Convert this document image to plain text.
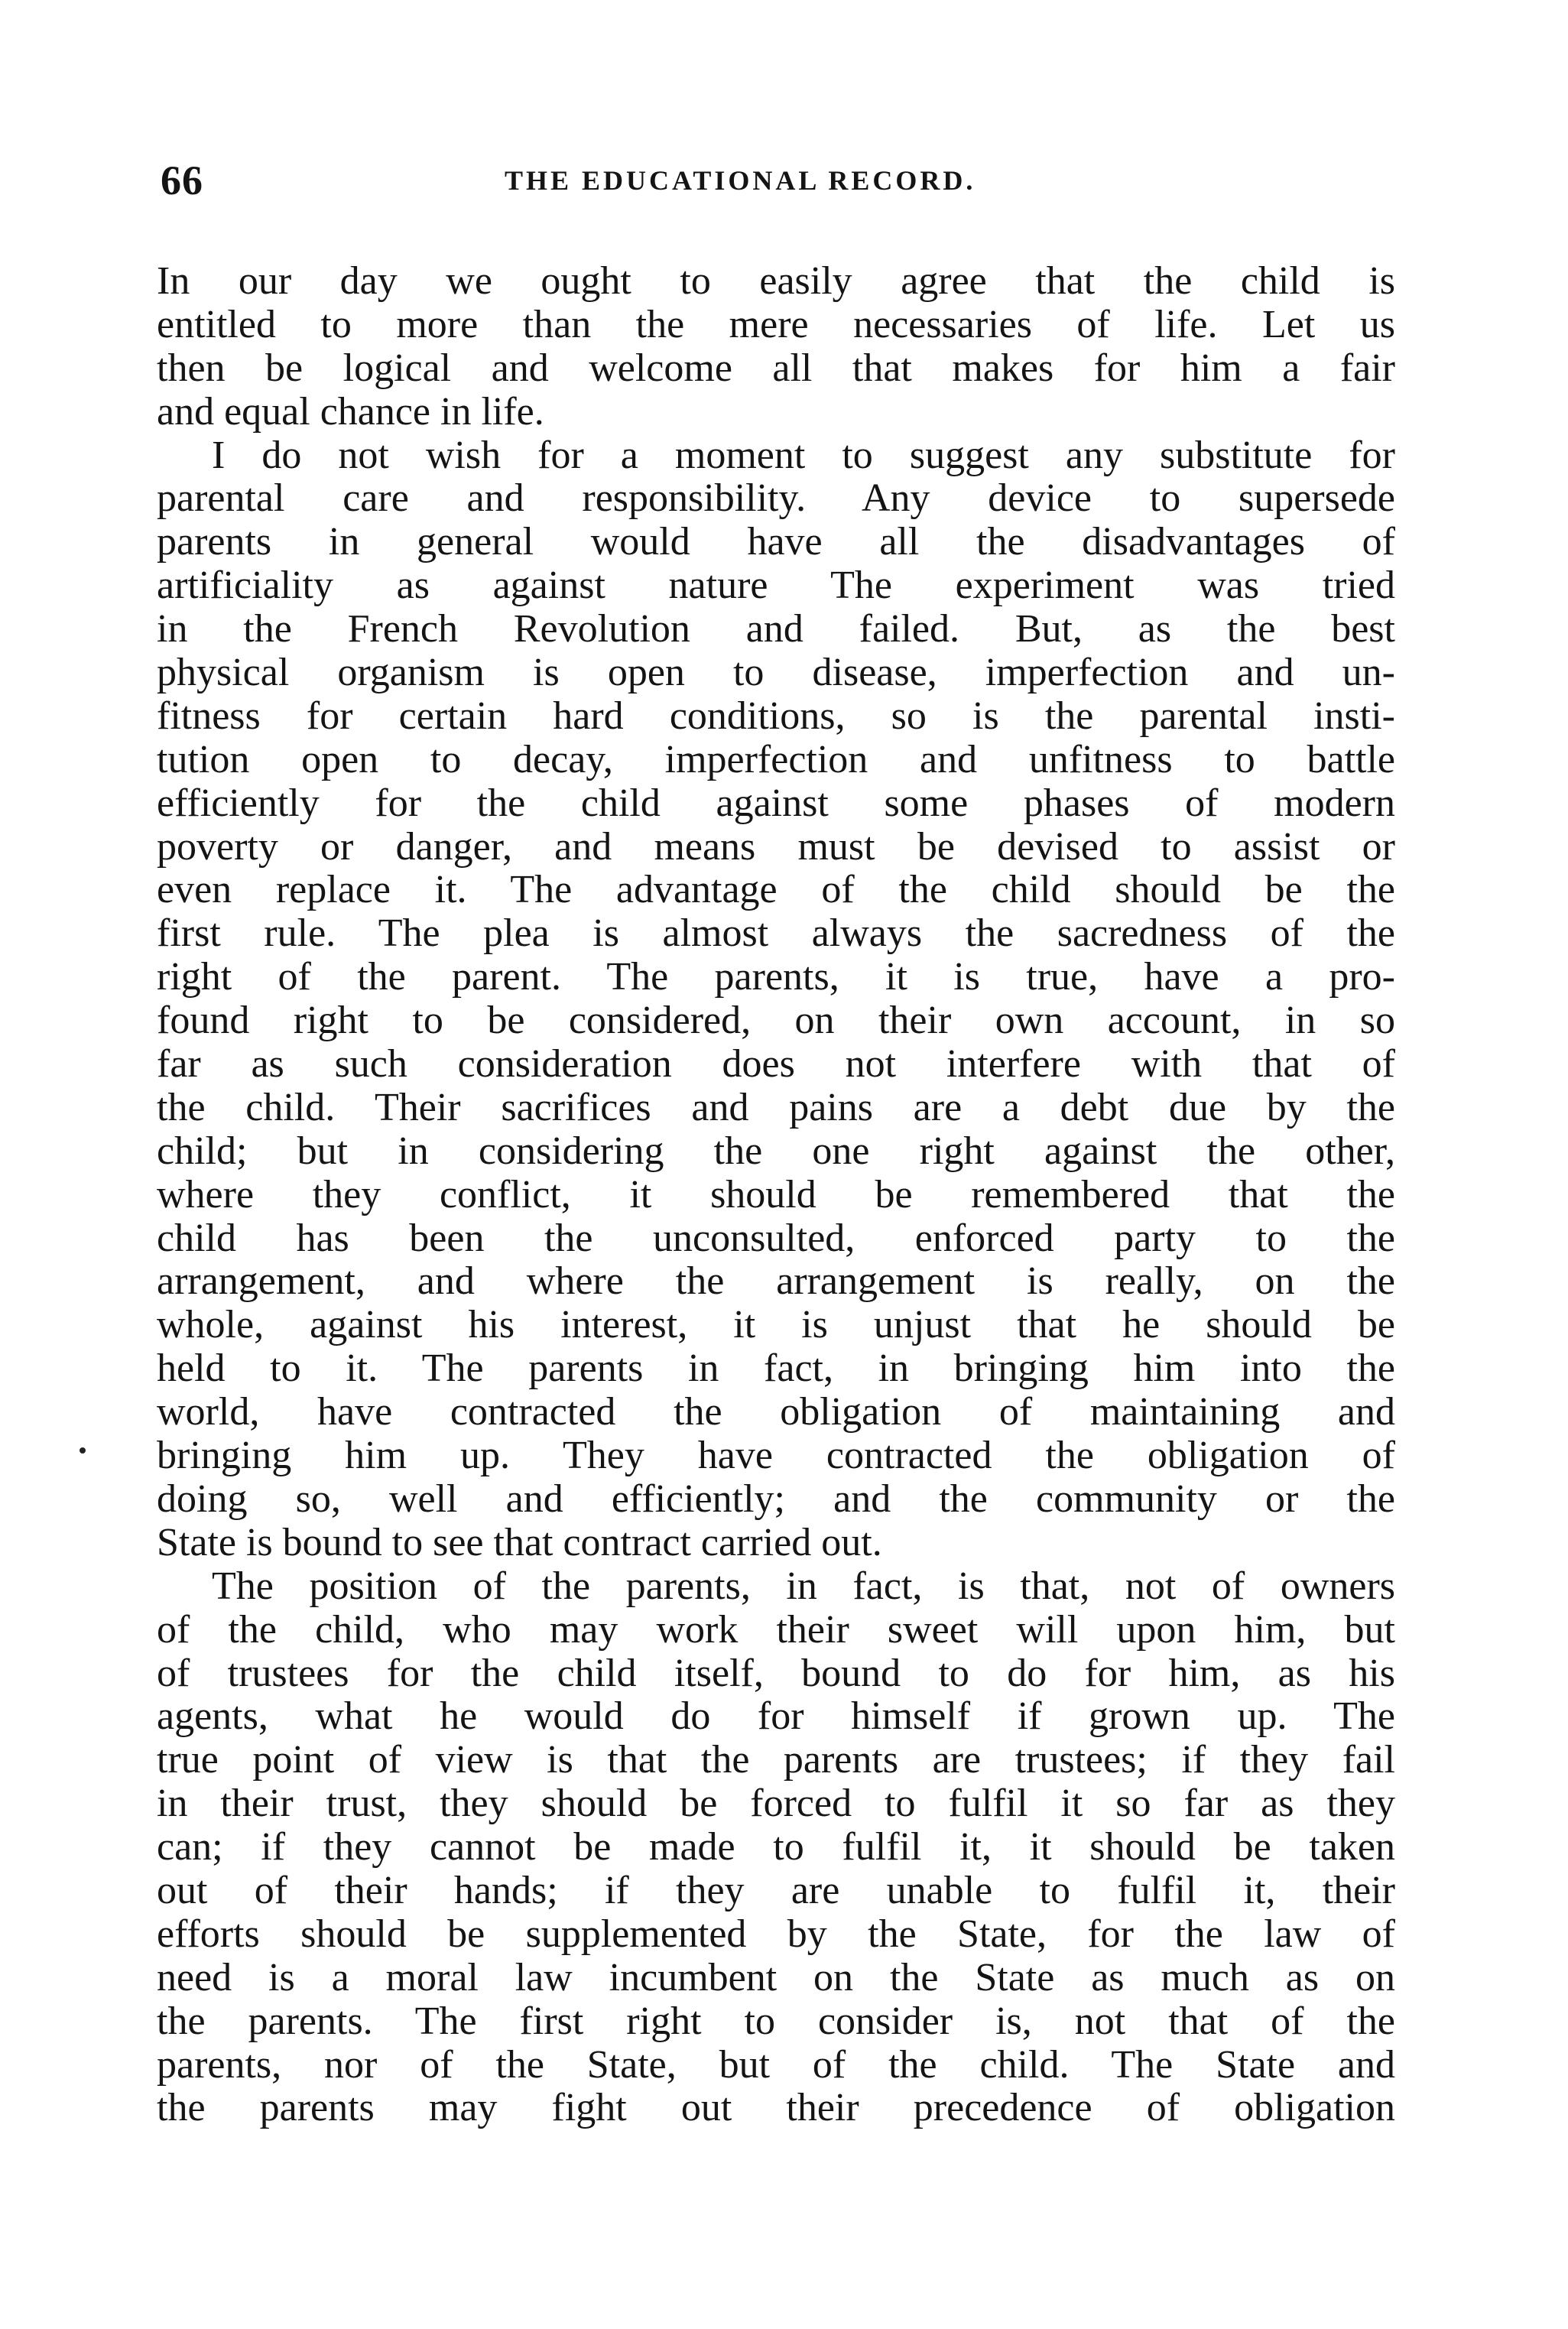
66	THE EDUCATIONAL RECORD.
In our day we ought to easily agree that the child is
entitled to more than the mere necessaries of life. Let us
then be logical and welcome all that makes for him a fair
and equal chance in life.
I do not wish for a moment to suggest any substitute for
parental care and responsibility. Any device to supersede
parents in general would have all the disadvantages of
artificiality as against nature The experiment was tried
in the French Revolution and failed. But, as the best
physical organism is open to disease, imperfection and un-
fitness for certain hard conditions, so is the parental insti-
tution open to decay, imperfection and unfitness to battle
efficiently for the child against some phases of modern
poverty or danger, and means must be devised to assist or
even replace it. The advantage of the child should be the
first rule. The plea is almost always the sacredness of the
right of the parent. The parents, it is true, have a pro-
found right to be considered, on their own account, in so
far as such consideration does not interfere with that of
the child. Their sacrifices and pains are a debt due by the
child; but in considering the one right against the other,
where they conflict, it should be remembered that the
child has been the unconsulted, enforced party to the
arrangement, and where the arrangement is really, on the
whole, against his interest, it is unjust that he should be
held to it. The parents in fact, in bringing him into the
world, have contracted the obligation of maintaining and
bringing him up. They have contracted the obligation of
doing so, well and efficiently; and the community or the
State is bound to see that contract carried out.
The position of the parents, in fact, is that, not of owners
of the child, who may work their sweet will upon him, but
of trustees for the child itself, bound to do for him, as his
agents, what he would do for himself if grown up. The
true point of view is that the parents are trustees; if they fail
in their trust, they should be forced to fulfil it so far as they
can; if they cannot be made to fulfil it, it should be taken
out of their hands; if they are unable to fulfil it, their
efforts should be supplemented by the State, for the law of
need is a moral law incumbent on the State as much as on
the parents. The first right to consider is, not that of the
parents, nor of the State, but of the child. The State and
the parents may fight out their precedence of obligation
